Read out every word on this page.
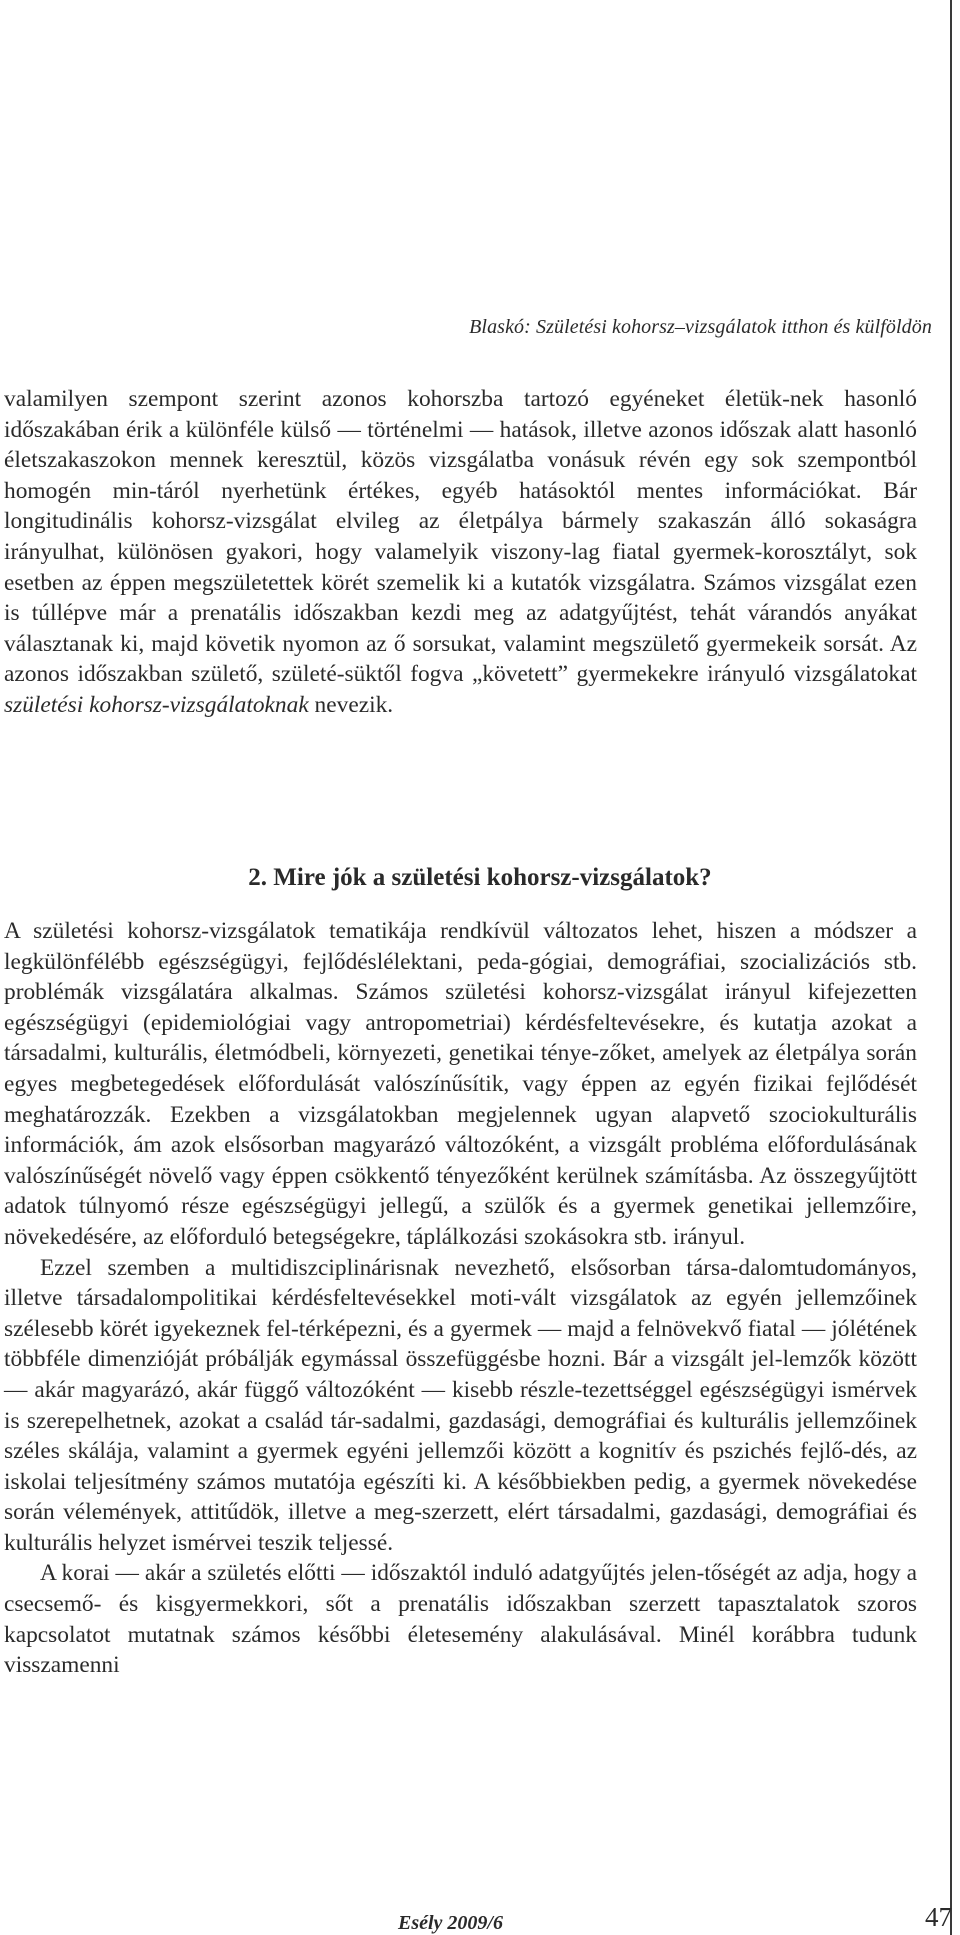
Blaskó: Születési kohorsz–vizsgálatok itthon és külföldön

valamilyen szempont szerint azonos kohorszba tartozó egyéneket életük-nek hasonló időszakában érik a különféle külső — történelmi — hatások, illetve azonos időszak alatt hasonló életszakaszokon mennek keresztül, közös vizsgálatba vonásuk révén egy sok szempontból homogén min-táról nyerhetünk értékes, egyéb hatásoktól mentes információkat. Bár longitudinális kohorsz-vizsgálat elvileg az életpálya bármely szakaszán álló sokaságra irányulhat, különösen gyakori, hogy valamelyik viszony-lag fiatal gyermek-korosztályt, sok esetben az éppen megszületettek körét szemelik ki a kutatók vizsgálatra. Számos vizsgálat ezen is túllépve már a prenatális időszakban kezdi meg az adatgyűjtést, tehát várandós anyákat választanak ki, majd követik nyomon az ő sorsukat, valamint megszülető gyermekeik sorsát. Az azonos időszakban születő, születé-süktől fogva „követett” gyermekekre irányuló vizsgálatokat születési kohorsz-vizsgálatoknak nevezik.

2. Mire jók a születési kohorsz-vizsgálatok?

A születési kohorsz-vizsgálatok tematikája rendkívül változatos lehet, hiszen a módszer a legkülönfélébb egészségügyi, fejlődéslélektani, peda-gógiai, demográfiai, szocializációs stb. problémák vizsgálatára alkalmas. Számos születési kohorsz-vizsgálat irányul kifejezetten egészségügyi (epidemiológiai vagy antropometriai) kérdésfeltevésekre, és kutatja azokat a társadalmi, kulturális, életmódbeli, környezeti, genetikai ténye-zőket, amelyek az életpálya során egyes megbetegedések előfordulását valószínűsítik, vagy éppen az egyén fizikai fejlődését meghatározzák. Ezekben a vizsgálatokban megjelennek ugyan alapvető szociokulturális információk, ám azok elsősorban magyarázó változóként, a vizsgált probléma előfordulásának valószínűségét növelő vagy éppen csökkentő tényezőként kerülnek számításba. Az összegyűjtött adatok túlnyomó része egészségügyi jellegű, a szülők és a gyermek genetikai jellemzőire, növekedésére, az előforduló betegségekre, táplálkozási szokásokra stb. irányul.

Ezzel szemben a multidiszciplinárisnak nevezhető, elsősorban társa-dalomtudományos, illetve társadalompolitikai kérdésfeltevésekkel moti-vált vizsgálatok az egyén jellemzőinek szélesebb körét igyekeznek fel-térképezni, és a gyermek — majd a felnövekvő fiatal — jólétének többféle dimenzióját próbálják egymással összefüggésbe hozni. Bár a vizsgált jel-lemzők között — akár magyarázó, akár függő változóként — kisebb részle-tezettséggel egészségügyi ismérvek is szerepelhetnek, azokat a család tár-sadalmi, gazdasági, demográfiai és kulturális jellemzőinek széles skálája, valamint a gyermek egyéni jellemzői között a kognitív és pszichés fejlő-dés, az iskolai teljesítmény számos mutatója egészíti ki. A későbbiekben pedig, a gyermek növekedése során vélemények, attitűdök, illetve a meg-szerzett, elért társadalmi, gazdasági, demográfiai és kulturális helyzet ismérvei teszik teljessé.

A korai — akár a születés előtti — időszaktól induló adatgyűjtés jelen-tőségét az adja, hogy a csecsemő- és kisgyermekkori, sőt a prenatális időszakban szerzett tapasztalatok szoros kapcsolatot mutatnak számos későbbi életesemény alakulásával. Minél korábbra tudunk visszamenni

Esély 2009/6	47
